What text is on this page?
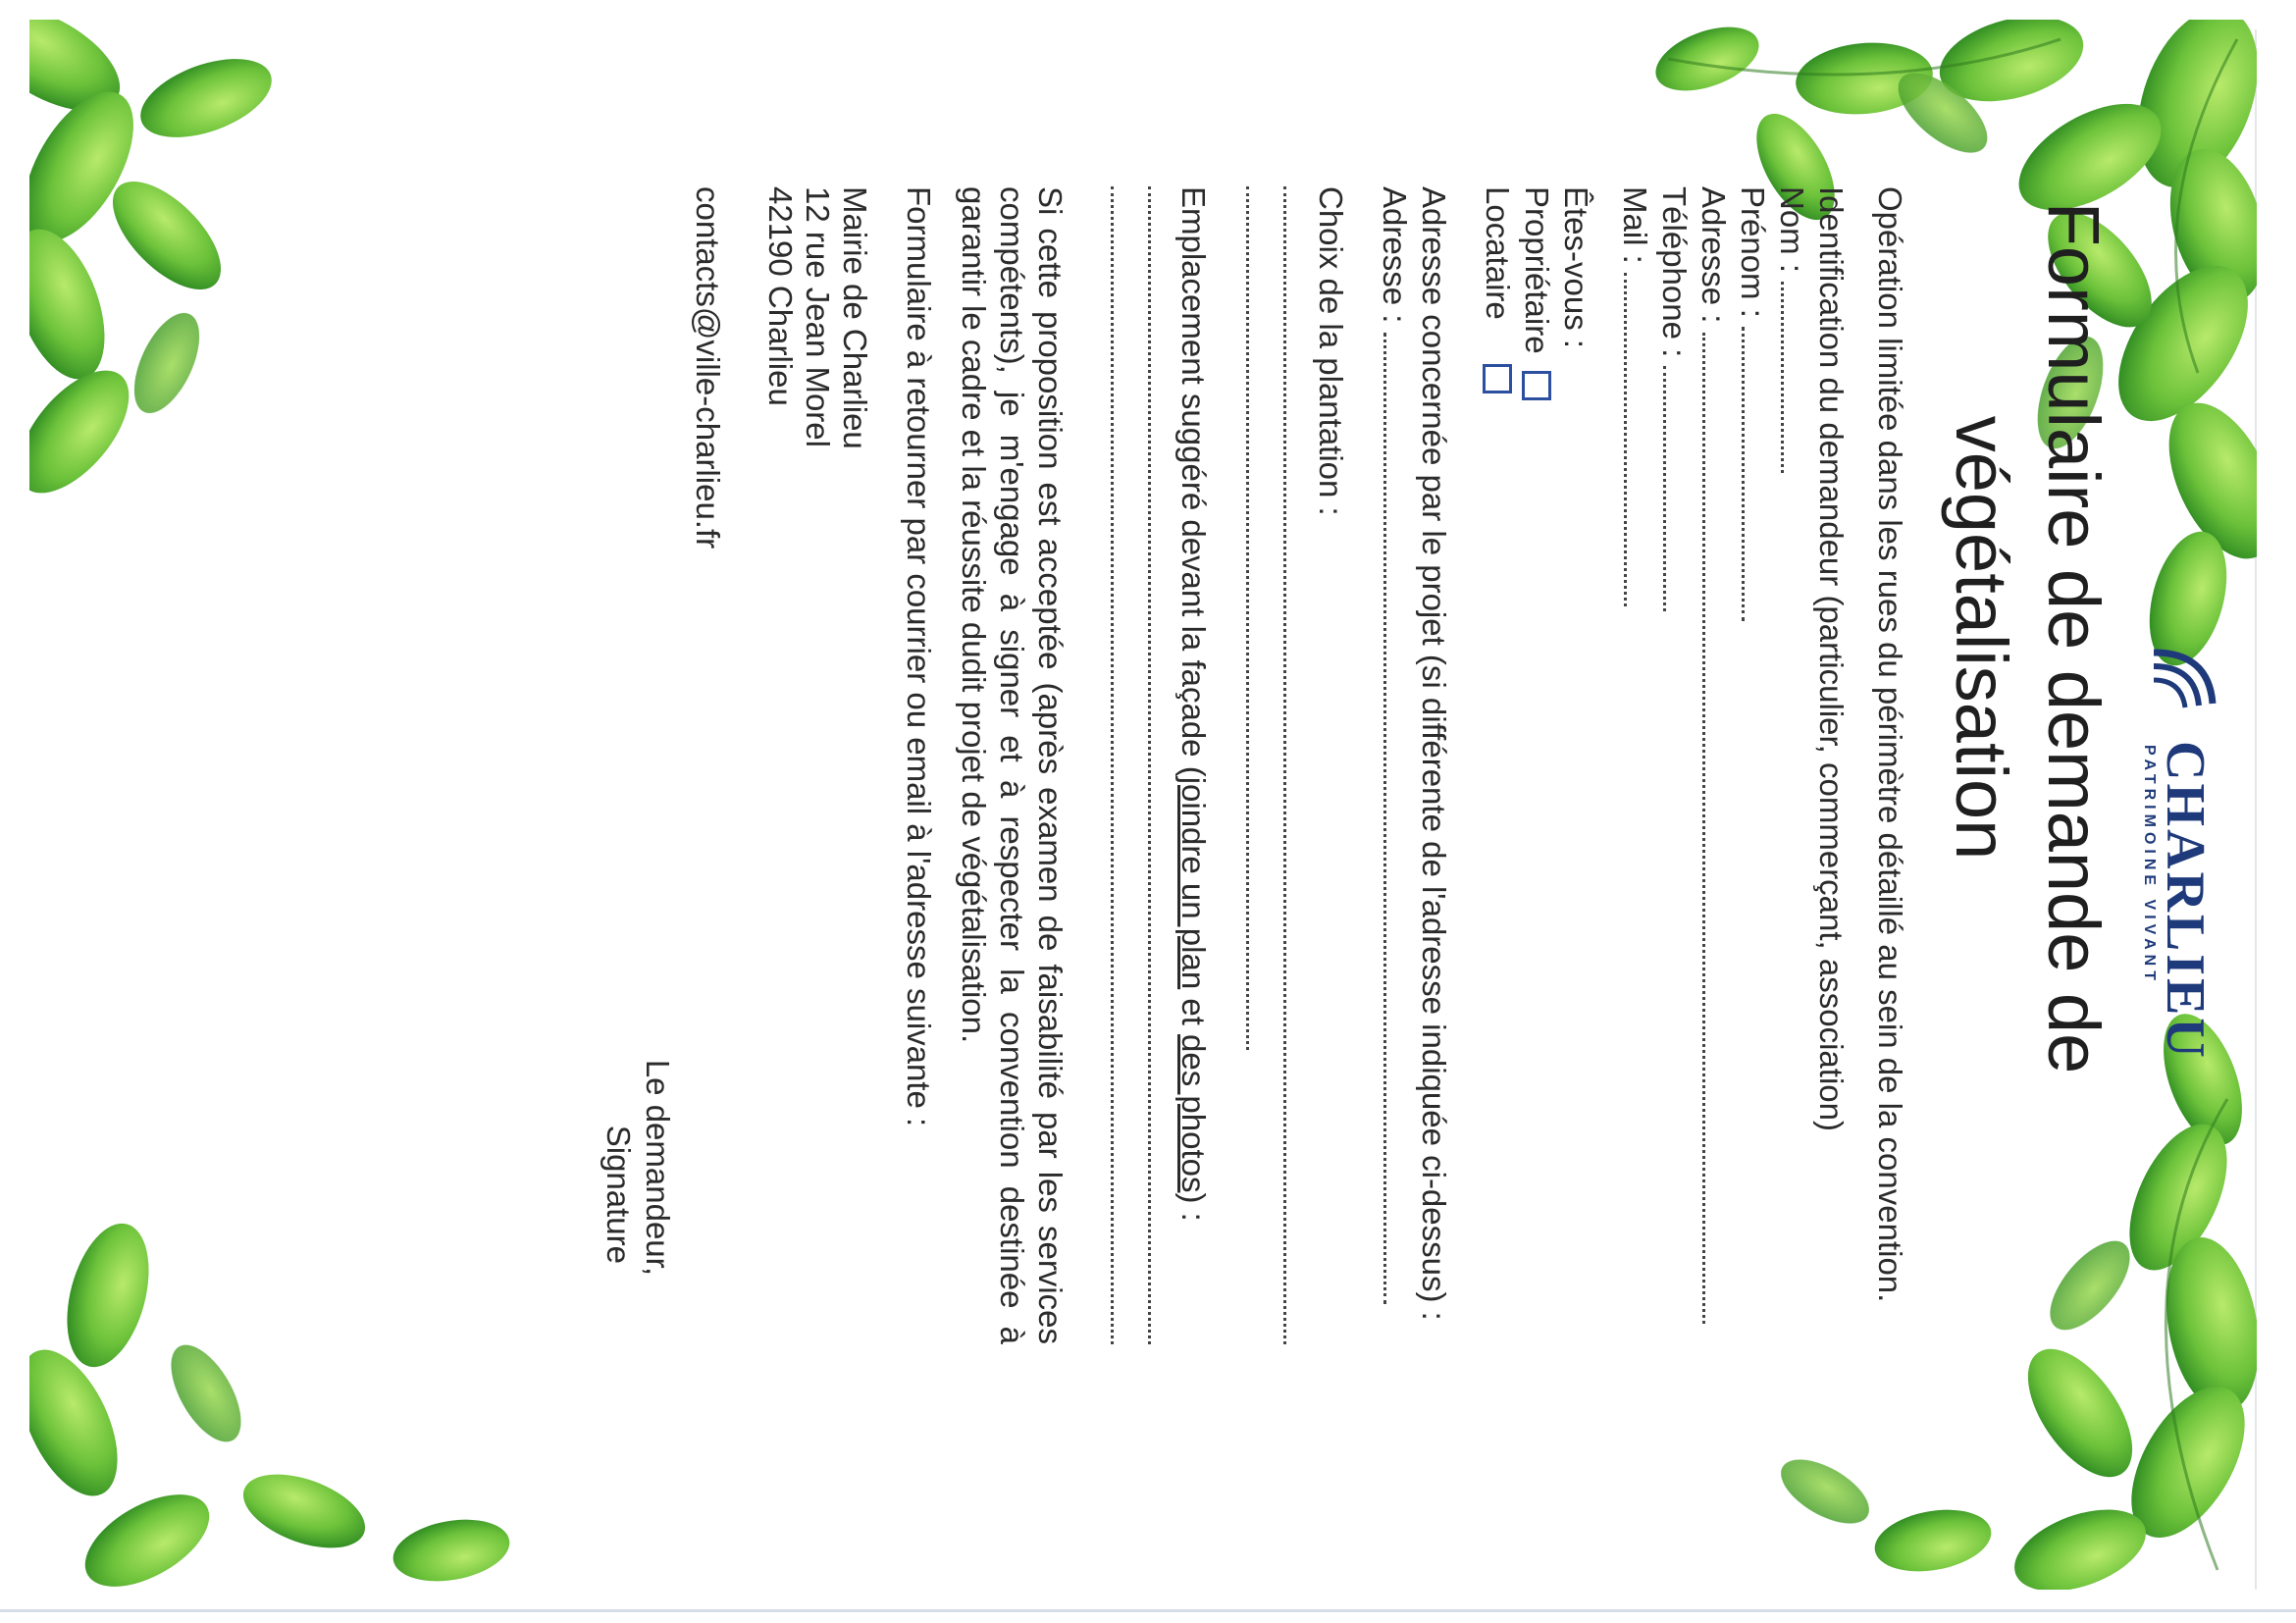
CHARLIEU
PATRIMOINE VIVANT
Formulaire de demande de végétalisation
Opération limitée dans les rues du périmètre détaillé au sein de la convention.
Identification du demandeur (particulier, commerçant, association)
Nom :
Prénom :
Adresse :
Téléphone :
Mail :
Êtes-vous :
Propriétaire
Locataire
Adresse concernée par le projet (si différente de l'adresse indiquée ci-dessus) :
Adresse :
Choix de la plantation :
Emplacement suggéré devant la façade (joindre un plan et des photos) :
Si cette proposition est acceptée (après examen de faisabilité par les services compétents), je m'engage à signer et à respecter la convention destinée à garantir le cadre et la réussite dudit projet de végétalisation.
Formulaire à retourner par courrier ou email à l'adresse suivante :
Mairie de Charlieu
12 rue Jean Morel
42190 Charlieu
contacts@ville-charlieu.fr
Le demandeur,
Signature
